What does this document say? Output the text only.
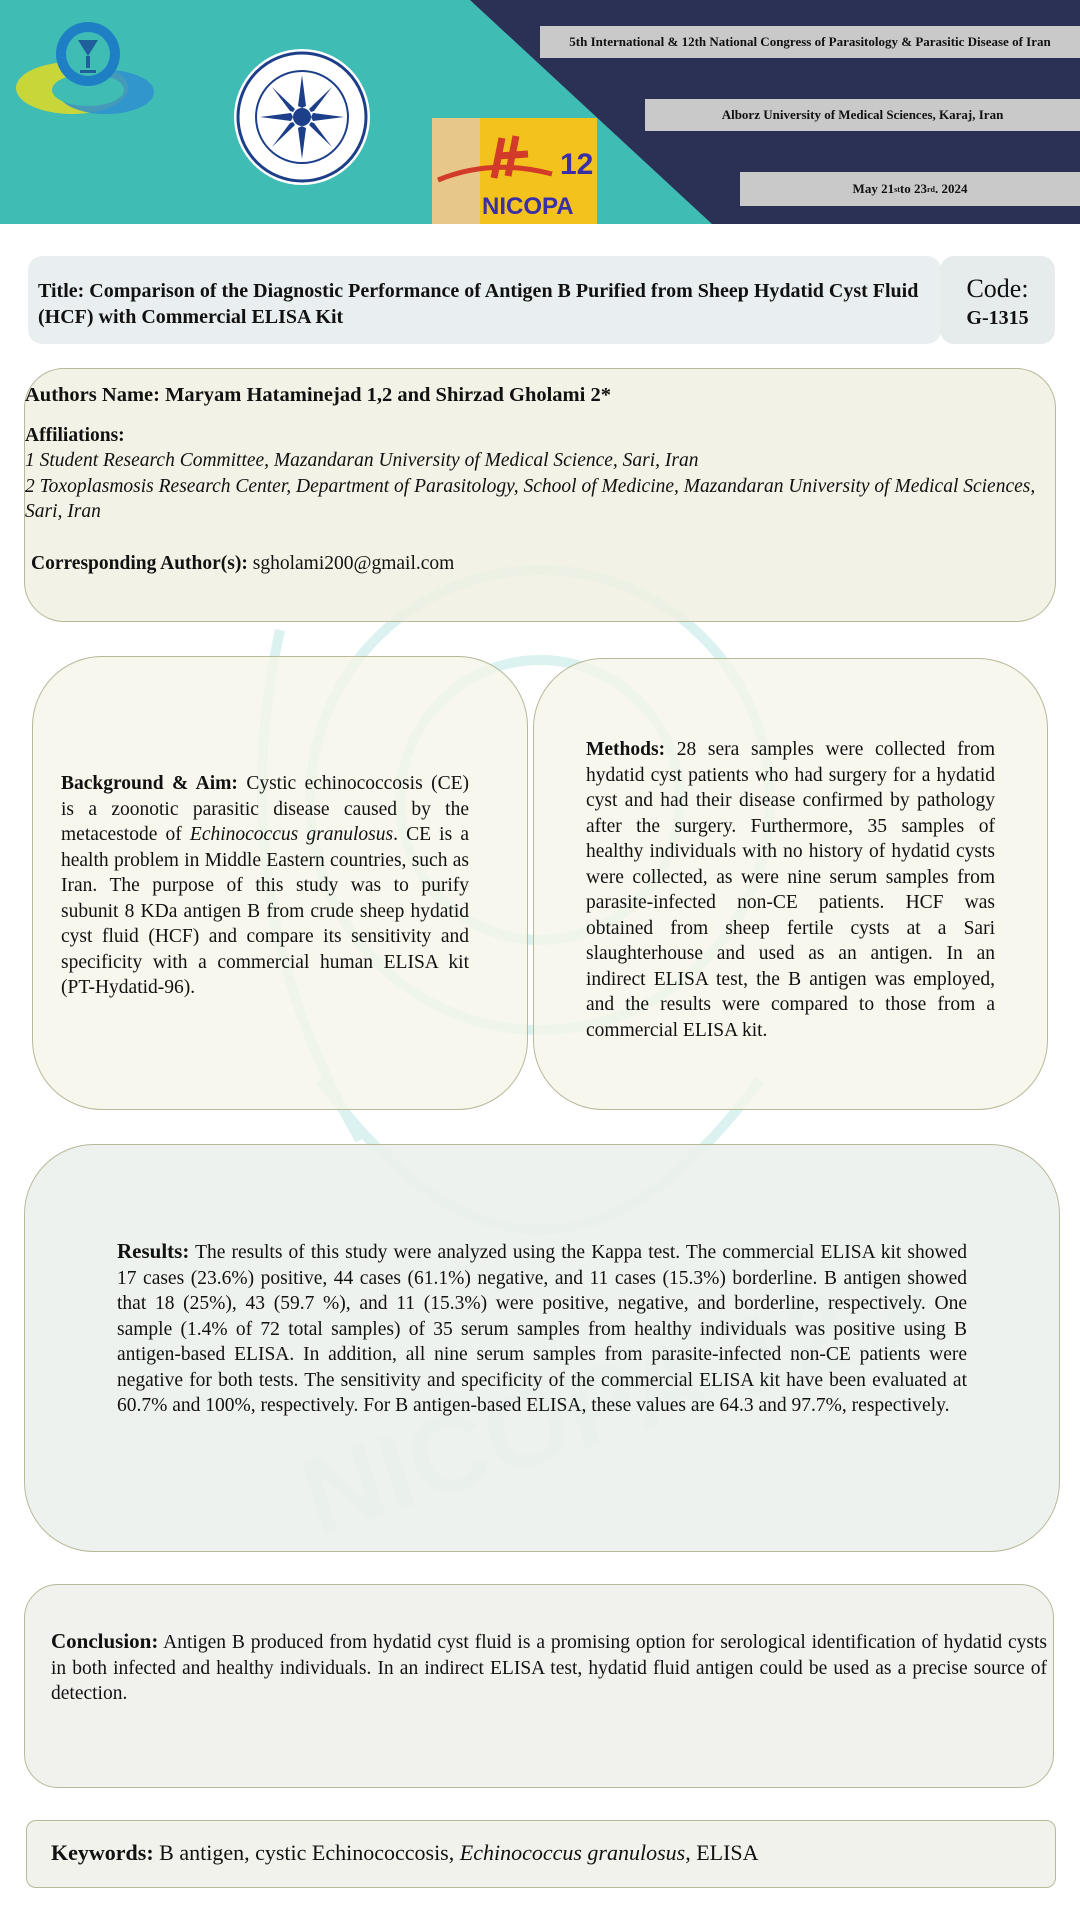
12
NICOPA
5th International & 12th National Congress of Parasitology & Parasitic Disease of Iran
Alborz University of Medical Sciences, Karaj, Iran
May 21 st to 23 rd . 2024
Title: Comparison of the Diagnostic Performance of Antigen B Purified from Sheep Hydatid Cyst Fluid (HCF) with Commercial ELISA Kit
Code:
G-1315
Authors Name: Maryam Hataminejad 1,2 and Shirzad Gholami 2*
Affiliations:
1 Student Research Committee, Mazandaran University of Medical Science, Sari, Iran
2 Toxoplasmosis Research Center, Department of Parasitology, School of Medicine, Mazandaran University of Medical Sciences, Sari, Iran
Corresponding Author(s): sgholami200@gmail.com
Background & Aim: Cystic echinococcosis (CE) is a zoonotic parasitic disease caused by the metacestode of Echinococcus granulosus. CE is a health problem in Middle Eastern countries, such as Iran. The purpose of this study was to purify subunit 8 KDa antigen B from crude sheep hydatid cyst fluid (HCF) and compare its sensitivity and specificity with a commercial human ELISA kit (PT-Hydatid-96).
Methods: 28 sera samples were collected from hydatid cyst patients who had surgery for a hydatid cyst and had their disease confirmed by pathology after the surgery. Furthermore, 35 samples of healthy individuals with no history of hydatid cysts were collected, as were nine serum samples from parasite-infected non-CE patients. HCF was obtained from sheep fertile cysts at a Sari slaughterhouse and used as an antigen. In an indirect ELISA test, the B antigen was employed, and the results were compared to those from a commercial ELISA kit.
Results: The results of this study were analyzed using the Kappa test. The commercial ELISA kit showed 17 cases (23.6%) positive, 44 cases (61.1%) negative, and 11 cases (15.3%) borderline. B antigen showed that 18 (25%), 43 (59.7 %), and 11 (15.3%) were positive, negative, and borderline, respectively. One sample (1.4% of 72 total samples) of 35 serum samples from healthy individuals was positive using B antigen-based ELISA. In addition, all nine serum samples from parasite-infected non-CE patients were negative for both tests. The sensitivity and specificity of the commercial ELISA kit have been evaluated at 60.7% and 100%, respectively. For B antigen-based ELISA, these values are 64.3 and 97.7%, respectively.
Conclusion: Antigen B produced from hydatid cyst fluid is a promising option for serological identification of hydatid cysts in both infected and healthy individuals. In an indirect ELISA test, hydatid fluid antigen could be used as a precise source of detection.
Keywords: B antigen, cystic Echinococcosis, Echinococcus granulosus, ELISA
